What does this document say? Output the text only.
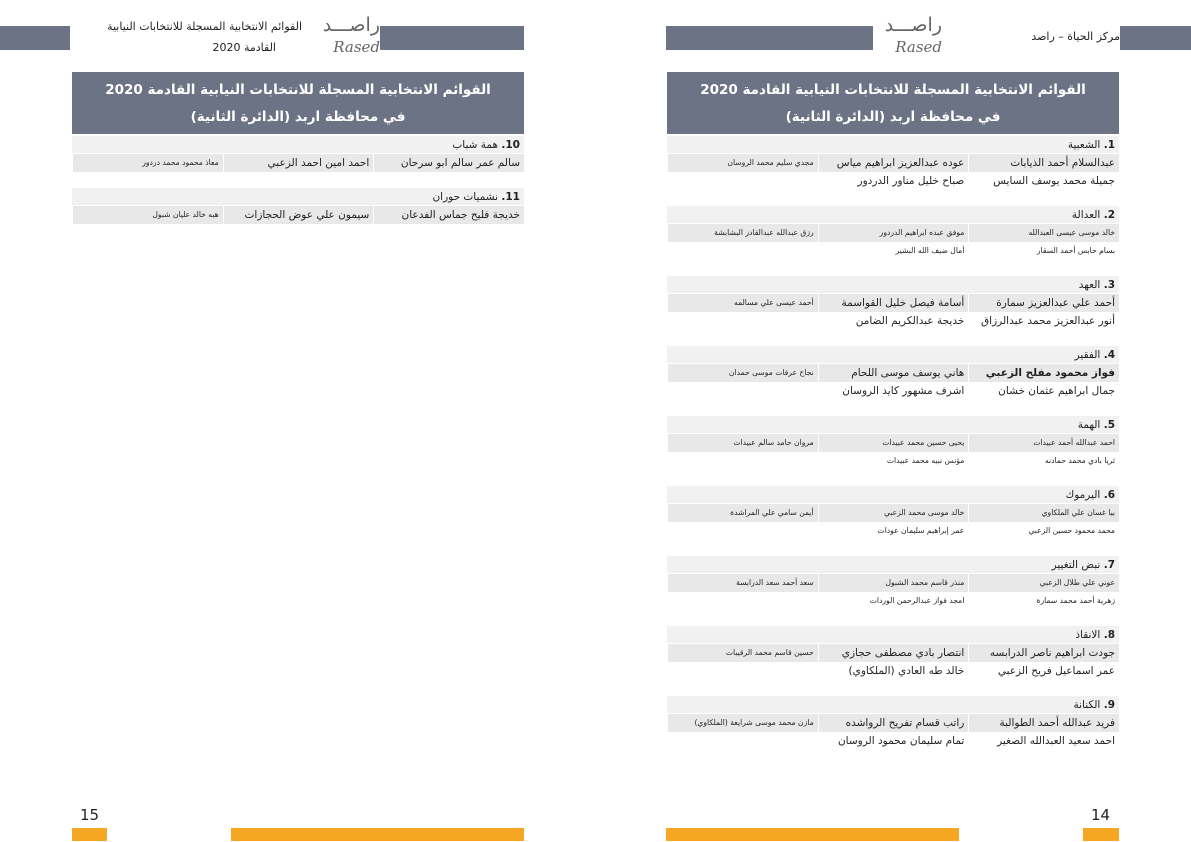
القوائم الانتخابية المسجلة للانتخابات النيابية
القادمة 2020
راصـــد
Rased
القوائم الانتخابية المسجلة للانتخابات النيابية القادمة 2020
في محافظة اربد (الدائرة الثانية)
10. همة شباب
سالم عمر سالم ابو سرحان
احمد امين احمد الزعبي
معاذ محمود محمد دردور
11. نشميات حوران
خديجة فليح جماس الفدعان
سيمون علي عوض الحجازات
هبه خالد عليان شبول
15
راصـــد
Rased
مركز الحياة – راصد
القوائم الانتخابية المسجلة للانتخابات النيابية القادمة 2020
في محافظة اربد (الدائرة الثانية)
1. الشعبية
عبدالسلام أحمد الذيابات
عوده عبدالعزيز ابراهيم مياس
مجدي سليم محمد الروسان
جميلة محمد يوسف السايس
صباح خليل مناور الدردور
2. العدالة
خالد موسى عيسى العبدالله
موفق عبده ابراهيم الدردور
رزق عبدالله عبدالقادر البشابشة
بسام حابس أحمد السقار
أمال ضيف الله البشير
3. العهد
أحمد علي عبدالعزيز سمارة
أسامة فيصل خليل القواسمة
أحمد عيسى علي مسالمه
أنور عبدالعزيز محمد عبدالرزاق
خديجة عبدالكريم الضامن
4. الفقير
فواز محمود مفلح الزعبي
هاني يوسف موسى اللحام
نجاح عرفات موسى حمدان
جمال ابراهيم عثمان خشان
اشرف مشهور كايد الروسان
5. الهمة
احمد عبدالله أحمد عبيدات
يحيى حسين محمد عبيدات
مروان حامد سالم عبيدات
ثريا بادي محمد حمادنه
مؤنس نبيه محمد عبيدات
6. اليرموك
بيا غسان علي الملكاوي
خالد موسى محمد الزعبي
أيمن سامي علي المراشدة
محمد محمود حسين الزعبي
عمر إبراهيم سليمان عودات
7. نبض التغيير
عوني علي طلال الزعبي
منذر قاسم محمد الشبول
سعد أحمد سعد الدرابسة
زهرية أحمد محمد سمارة
امجد فواز عبدالرحمن الوردات
8. الانقاذ
جودت ابراهيم ناصر الدرابسه
انتصار بادي مصطفى حجازي
حسين قاسم محمد الرقيبات
عمر اسماعيل فريح الزعبي
خالد طه العادي (الملكاوي)
9. الكنانة
فريد عبدالله أحمد الطوالبة
راتب قسام تفريح الرواشده
مازن محمد موسى شرايعة (الملكاوي)
احمد سعيد العبدالله الصغير
تمام سليمان محمود الروسان
14
